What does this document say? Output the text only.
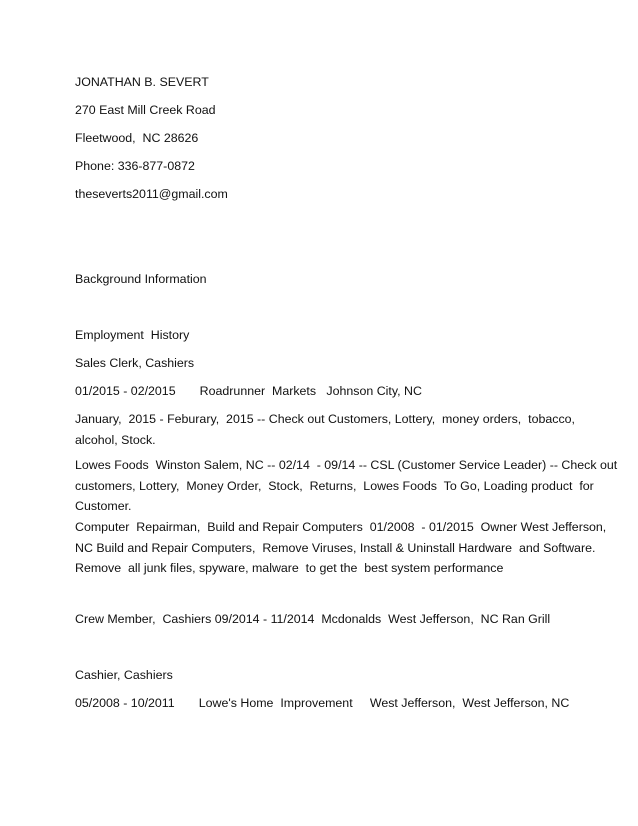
JONATHAN B. SEVERT
270 East Mill Creek Road
Fleetwood,  NC 28626
Phone: 336-877-0872
theseverts2011@gmail.com
Background Information
Employment  History
Sales Clerk, Cashiers
01/2015 - 02/2015       Roadrunner  Markets   Johnson City, NC
January,  2015 - Feburary,  2015 -- Check out Customers, Lottery,  money orders,  tobacco,
alcohol, Stock.
Lowes Foods  Winston Salem, NC -- 02/14  - 09/14 -- CSL (Customer Service Leader) -- Check out
customers, Lottery,  Money Order,  Stock,  Returns,  Lowes Foods  To Go, Loading product  for
Customer.
Computer  Repairman,  Build and Repair Computers  01/2008  - 01/2015  Owner West Jefferson,
NC Build and Repair Computers,  Remove Viruses, Install & Uninstall Hardware  and Software.
Remove  all junk files, spyware, malware  to get the  best system performance
Crew Member,  Cashiers 09/2014 - 11/2014  Mcdonalds  West Jefferson,  NC Ran Grill
Cashier, Cashiers
05/2008 - 10/2011       Lowe's Home  Improvement     West Jefferson,  West Jefferson, NC
